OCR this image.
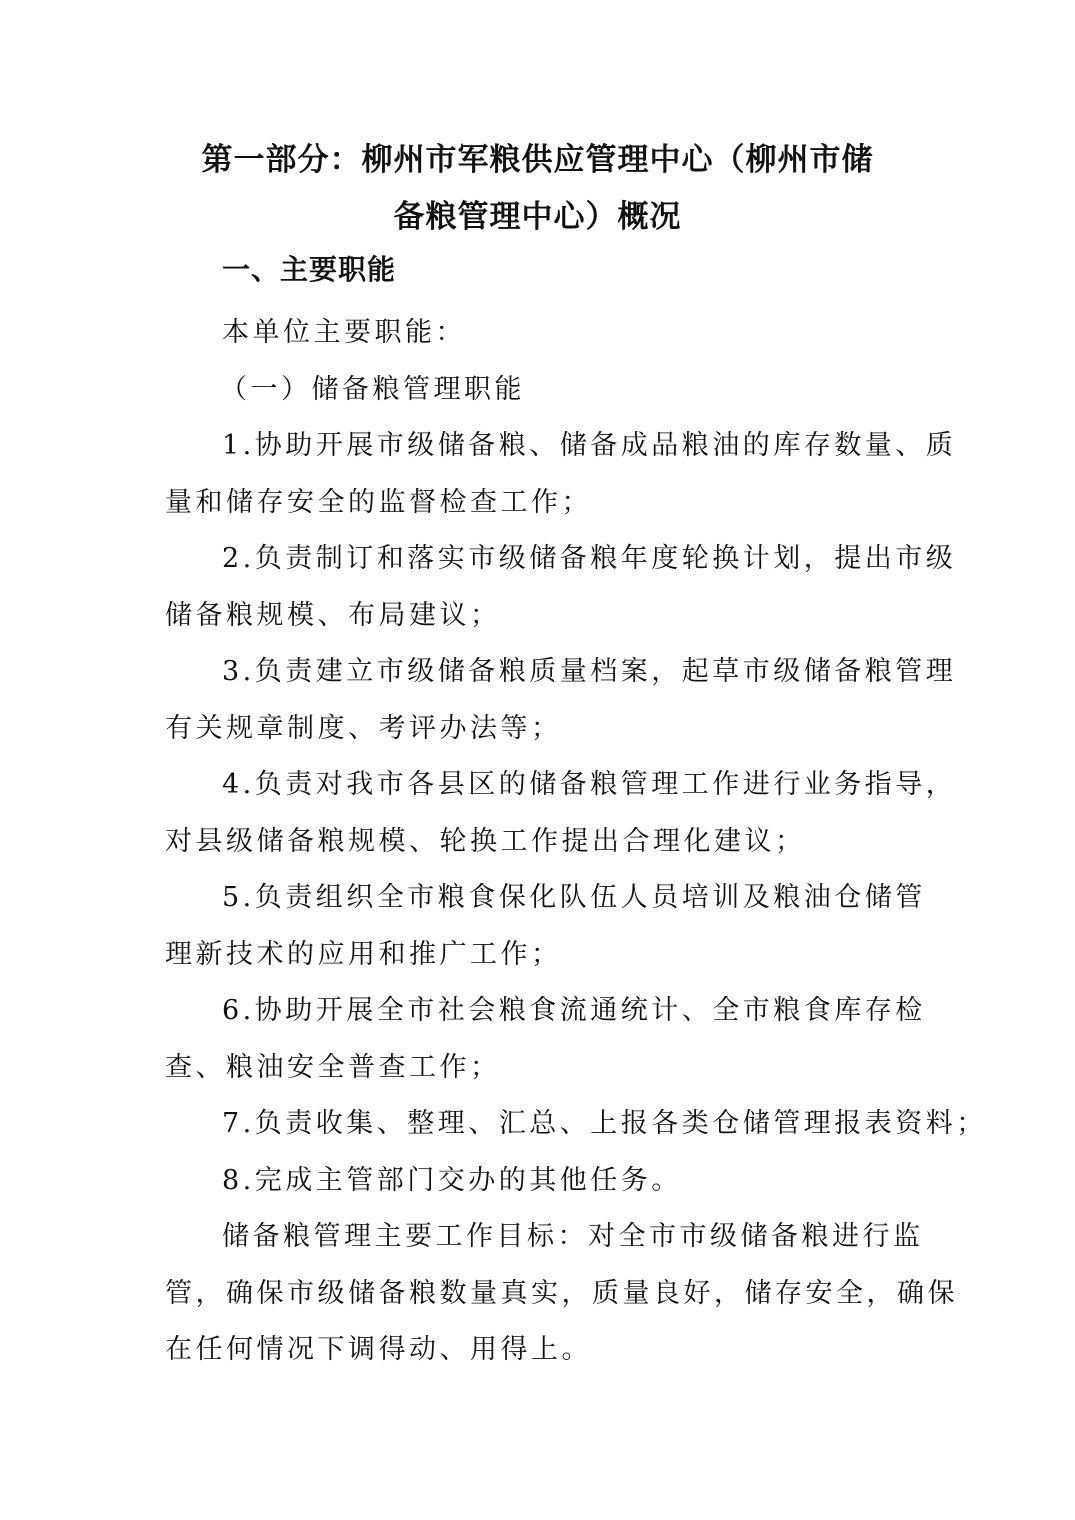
第一部分：柳州市军粮供应管理中心（柳州市储
备粮管理中心）概况
一、主要职能
本单位主要职能：
（一）储备粮管理职能
1.协助开展市级储备粮、储备成品粮油的库存数量、质
量和储存安全的监督检查工作；
2.负责制订和落实市级储备粮年度轮换计划，提出市级
储备粮规模、布局建议；
3.负责建立市级储备粮质量档案，起草市级储备粮管理
有关规章制度、考评办法等；
4.负责对我市各县区的储备粮管理工作进行业务指导，
对县级储备粮规模、轮换工作提出合理化建议；
5.负责组织全市粮食保化队伍人员培训及粮油仓储管
理新技术的应用和推广工作；
6.协助开展全市社会粮食流通统计、全市粮食库存检
查、粮油安全普查工作；
7.负责收集、整理、汇总、上报各类仓储管理报表资料；
8.完成主管部门交办的其他任务。
储备粮管理主要工作目标：对全市市级储备粮进行监
管，确保市级储备粮数量真实，质量良好，储存安全，确保
在任何情况下调得动、用得上。
